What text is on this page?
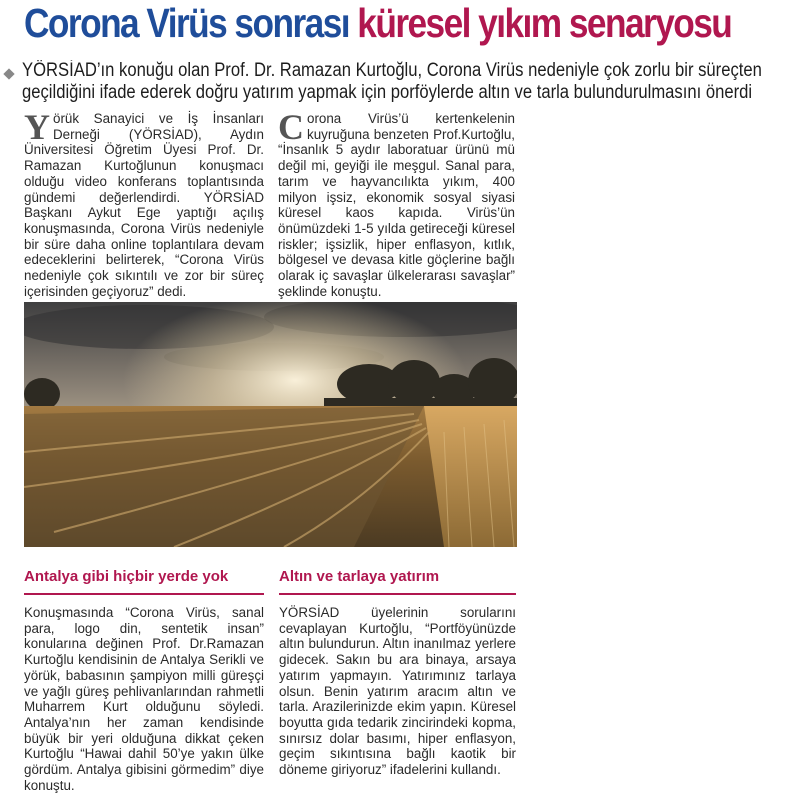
Corona Virüs sonrası küresel yıkım senaryosu
YÖRSİAD’ın konuğu olan Prof. Dr. Ramazan Kurtoğlu, Corona Virüs nedeniyle çok zorlu bir süreçten
geçildiğini ifade ederek doğru yatırım yapmak için porföylerde altın ve tarla bulundurulmasını önerdi
Yörük Sanayici ve İş İnsanları Derneği (YÖRSİAD), Aydın Üniversitesi Öğretim Üyesi Prof. Dr. Ramazan Kurtoğlunun konuşmacı olduğu video konferans toplantısında gündemi değerlendirdi. YÖRSİAD Başkanı Aykut Ege yaptığı açılış konuşmasında, Corona Virüs nedeniyle bir süre daha online toplantılara devam edeceklerini belirterek, “Corona Virüs nedeniyle çok sıkıntılı ve zor bir süreç içerisinden geçiyoruz” dedi.
Corona Virüs’ü kertenkelenin kuyruğuna benzeten Prof.Kurtoğlu, “İnsanlık 5 aydır laboratuar ürünü mü değil mi, geyiği ile meşgul. Sanal para, tarım ve hayvancılıkta yıkım, 400 milyon işsiz, ekonomik sosyal siyasi küresel kaos kapıda. Virüs’ün önümüzdeki 1-5 yılda getireceği küresel riskler; işsizlik, hiper enflasyon, kıtlık, bölgesel ve devasa kitle göçlerine bağlı olarak iç savaşlar ülkelerarası savaşlar” şeklinde konuştu.
Antalya gibi hiçbir yerde yok	Altın ve tarlaya yatırım
Konuşmasında “Corona Virüs, sanal para, logo din, sentetik insan” konularına değinen Prof. Dr.Ramazan Kurtoğlu kendisinin de Antalya Serikli ve yörük, babasının şampiyon milli güreşçi ve yağlı güreş pehlivanlarından rahmetli Muharrem Kurt olduğunu söyledi. Antalya’nın her zaman kendisinde büyük bir yeri olduğuna dikkat çeken Kurtoğlu “Hawai dahil 50’ye yakın ülke gördüm. Antalya gibisini görmedim” diye konuştu.
YÖRSİAD üyelerinin sorularını cevaplayan Kurtoğlu, “Portföyünüzde altın bulundurun. Altın inanılmaz yerlere gidecek. Sakın bu ara binaya, arsaya yatırım yapmayın. Yatırımınız tarlaya olsun. Benin yatırım aracım altın ve tarla. Arazilerinizde ekim yapın. Küresel boyutta gıda tedarik zincirindeki kopma, sınırsız dolar basımı, hiper enflasyon, geçim sıkıntısına bağlı kaotik bir döneme giriyoruz” ifadelerini kullandı.
